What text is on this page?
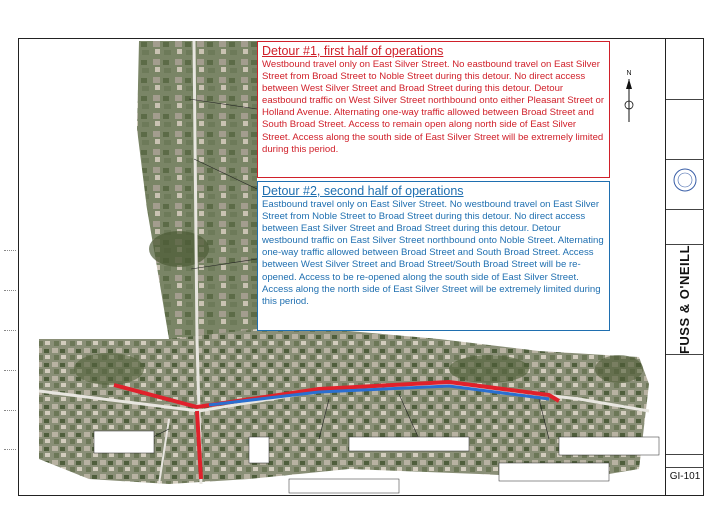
Detour #1, first half of operations

Westbound travel only on East Silver Street. No eastbound travel on East Silver Street from Broad Street to Noble Street during this detour. No direct access between West Silver Street and Broad Street during this detour. Detour eastbound traffic on West Silver Street northbound onto either Pleasant Street or Holland Avenue. Alternating one-way traffic allowed between Broad Street and South Broad Street. Access to remain open along north side of East Silver Street. Access along the south side of East Silver Street will be extremely limited during this period.

Detour #2, second half of operations

Eastbound travel only on East Silver Street. No westbound travel on East Silver Street from Noble Street to Broad Street during this detour. No direct access between East Silver Street and Broad Street during this detour. Detour westbound traffic on East Silver Street northbound onto Noble Street. Alternating one-way traffic allowed between Broad Street and South Broad Street. Access between West Silver Street and Broad Street/South Broad Street will be re-opened. Access to be re-opened along the south side of East Silver Street. Access along the north side of East Silver Street will be extremely limited during this period.

N
FUSS & O'NEILL
GI-101
